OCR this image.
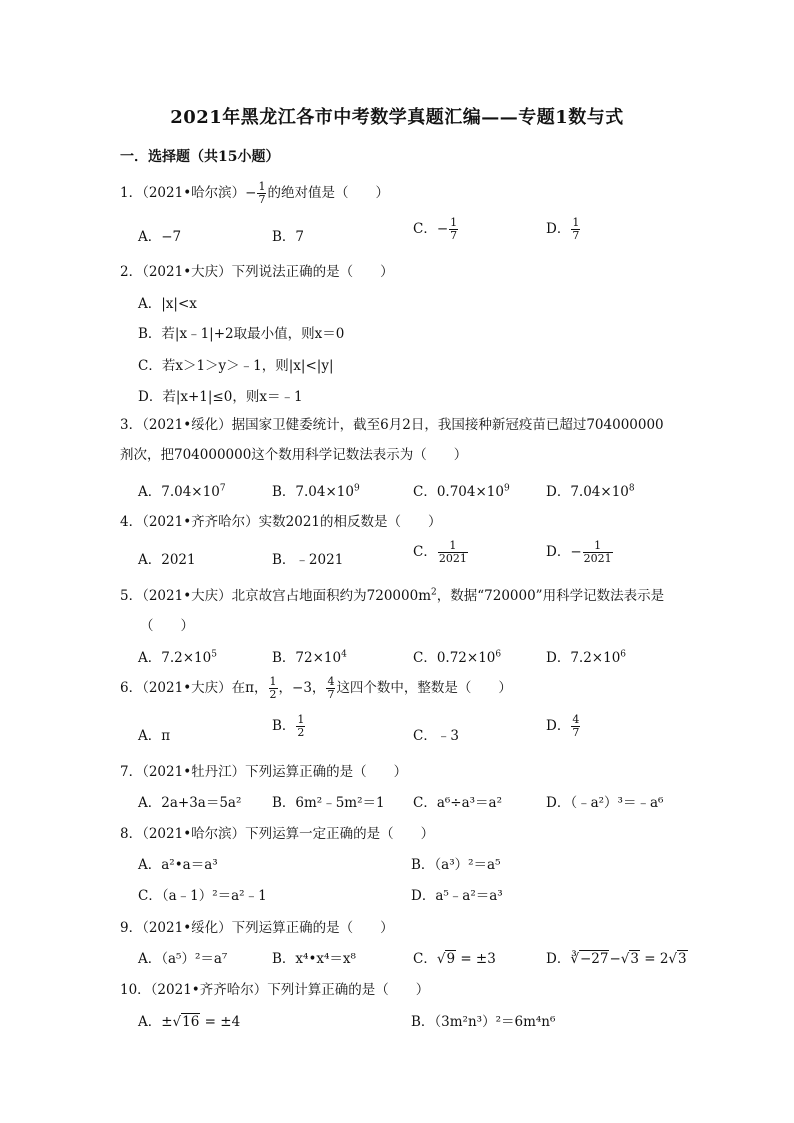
2021年黑龙江各市中考数学真题汇编——专题1数与式
一．选择题（共15小题）
1．（2021•哈尔滨）− $\frac{1}{7}$ 的绝对值是（　　）
A．−7	B．7	C．− $\frac{1}{7}$	D． $\frac{1}{7}$
2．（2021•大庆）下列说法正确的是（　　）
A．|x|<x
B．若|x﹣1|+2取最小值，则x＝0
C．若x＞1＞y＞﹣1，则|x|<|y|
D．若|x+1|≤0，则x＝﹣1
3．（2021•绥化）据国家卫健委统计，截至6月2日，我国接种新冠疫苗已超过704000000剂次，把704000000这个数用科学记数法表示为（　　）
A．$7.04\times 10^7$	B．$7.04\times 10^9$	C．$0.704\times 10^9$	D．$7.04\times 10^8$
4．（2021•齐齐哈尔）实数2021的相反数是（　　）
A．2021	B．﹣2021	C． $\frac{1}{2021}$	D．− $\frac{1}{2021}$
5．（2021•大庆）北京故宫占地面积约为$720000m^2$，数据“720000”用科学记数法表示是
（　　）
A．$7.2\times 10^5$	B．$72\times 10^4$	C．$0.72\times 10^6$	D．$7.2\times 10^6$
6．（2021•大庆）在π， $\frac{1}{2}$ ，−3， $\frac{4}{7}$ 这四个数中，整数是（　　）
A．π
B． $\frac{1}{2}$	C．﹣3
D． $\frac{4}{7}$
7．（2021•牡丹江）下列运算正确的是（　　）
A．2a+3a＝5a² B．6m²﹣5m²＝1 C．a⁶÷a³＝a²	D．（﹣a²）³＝﹣a⁶
8．（2021•哈尔滨）下列运算一定正确的是（　　）
A．a²•a＝a³	B．（a³）²＝a⁵
C．（a﹣1）²＝a²﹣1	D．a⁵﹣a²＝a³
9．（2021•绥化）下列运算正确的是（　　）
A．（a⁵）²＝a⁷	B．x⁴•x⁴＝x⁸	C．√9 = ±3	D．∛−27−√3 = 2√3
10．（2021•齐齐哈尔）下列计算正确的是（　　）
A．±√16 = ±4	B．（3m²n³）²＝6m⁴n⁶
